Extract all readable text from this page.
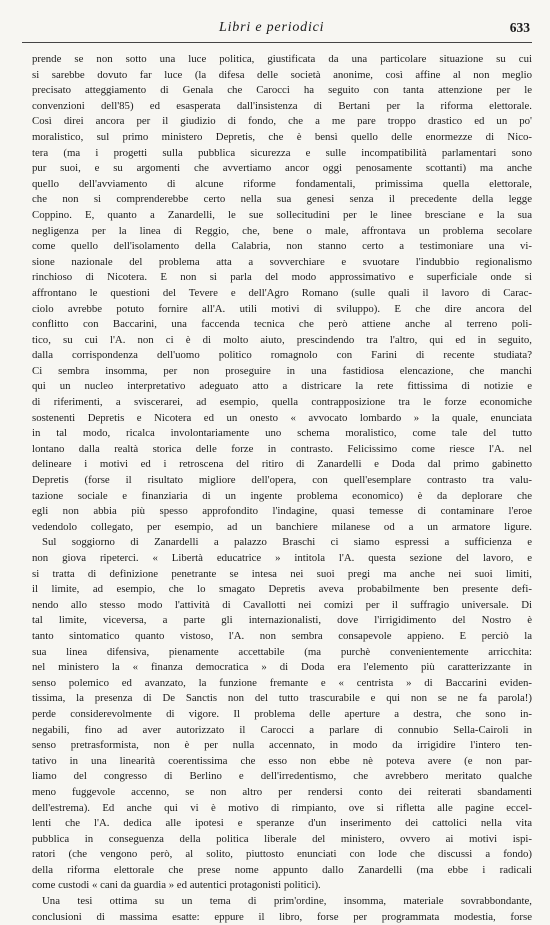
Libri e periodici	633
prende se non sotto una luce politica, giustificata da una particolare situazione su cui
si sarebbe dovuto far luce (la difesa delle società anonime, così affine al non meglio
precisato atteggiamento di Genala che Carocci ha seguito con tanta attenzione per le
convenzioni dell'85) ed esasperata dall'insistenza di Bertani per la riforma elettorale.
Così direi ancora per il giudizio di fondo, che a me pare troppo drastico ed un po'
moralistico, sul primo ministero Depretis, che è bensì quello delle enormezze di Nico-
tera (ma i progetti sulla pubblica sicurezza e sulle incompatibilità parlamentari sono
pur suoi, e su argomenti che avvertiamo ancor oggi penosamente scottanti) ma anche
quello dell'avviamento di alcune riforme fondamentali, primissima quella elettorale,
che non si comprenderebbe certo nella sua genesi senza il precedente della legge
Coppino. E, quanto a Zanardelli, le sue sollecitudini per le linee bresciane e la sua
negligenza per la linea di Reggio, che, bene o male, affrontava un problema secolare
come quello dell'isolamento della Calabria, non stanno certo a testimoniare una vi-
sione nazionale del problema atta a sovverchiare e svuotare l'indubbio regionalismo
rinchioso di Nicotera. E non si parla del modo approssimativo e superficiale onde si
affrontano le questioni del Tevere e dell'Agro Romano (sulle quali il lavoro di Carac-
ciolo avrebbe potuto fornire all'A. utili motivi di sviluppo). E che dire ancora del
conflitto con Baccarini, una faccenda tecnica che però attiene anche al terreno poli-
tico, su cui l'A. non ci è di molto aiuto, prescindendo tra l'altro, qui ed in seguito,
dalla corrispondenza dell'uomo politico romagnolo con Farini di recente studiata?
Ci sembra insomma, per non proseguire in una fastidiosa elencazione, che manchi
qui un nucleo interpretativo adeguato atto a districare la rete fittissima di notizie e
di riferimenti, a sviscerarei, ad esempio, quella contrapposizione tra le forze economiche
sostenenti Depretis e Nicotera ed un onesto « avvocato lombardo » la quale, enunciata
in tal modo, ricalca involontariamente uno schema moralistico, come tale del tutto
lontano dalla realtà storica delle forze in contrasto. Felicissimo come riesce l'A. nel
delineare i motivi ed i retroscena del ritiro di Zanardelli e Doda dal primo gabinetto
Depretis (forse il risultato migliore dell'opera, con quell'esemplare contrasto tra valu-
tazione sociale e finanziaria di un ingente problema economico) è da deplorare che
egli non abbia più spesso approfondito l'indagine, quasi temesse di contaminare l'eroe
vedendolo collegato, per esempio, ad un banchiere milanese od a un armatore ligure.
Sul soggiorno di Zanardelli a palazzo Braschi ci siamo espressi a sufficienza e
non giova ripeterci. « Libertà educatrice » intitola l'A. questa sezione del lavoro, e
si tratta di definizione penetrante se intesa nei suoi pregi ma anche nei suoi limiti,
il limite, ad esempio, che lo smagato Depretis aveva probabilmente ben presente defi-
nendo allo stesso modo l'attività di Cavallotti nei comizi per il suffragio universale. Di
tal limite, viceversa, a parte gli internazionalisti, dove l'irrigidimento del Nostro è
tanto sintomatico quanto vistoso, l'A. non sembra consapevole appieno. E perciò la
sua linea difensiva, pienamente accettabile (ma purchè convenientemente arricchita:
nel ministero la « finanza democratica » di Doda era l'elemento più caratterizzante in
senso polemico ed avanzato, la funzione fremante e « centrista » di Baccarini eviden-
tissima, la presenza di De Sanctis non del tutto trascurabile e qui non se ne fa parola!)
perde considerevolmente di vigore. Il problema delle aperture a destra, che sono in-
negabili, fino ad aver autorizzato il Carocci a parlare di connubio Sella-Cairoli in
senso pretrasformista, non è per nulla accennato, in modo da irrigidire l'intero ten-
tativo in una linearità coerentissima che esso non ebbe nè poteva avere (e non par-
liamo del congresso di Berlino e dell'irredentismo, che avrebbero meritato qualche
meno fuggevole accenno, se non altro per rendersi conto dei reiterati sbandamenti
dell'estrema). Ed anche qui vi è motivo di rimpianto, ove si rifletta alle pagine eccel-
lenti che l'A. dedica alle ipotesi e speranze d'un inserimento dei cattolici nella vita
pubblica in conseguenza della politica liberale del ministero, ovvero ai motivi ispi-
ratori (che vengono però, al solito, piuttosto enunciati con lode che discussi a fondo)
della riforma elettorale che prese nome appunto dallo Zanardelli (ma ebbe i radicali
come custodi « cani da guardia » ed autentici protagonisti politici).
Una tesi ottima su un tema di prim'ordine, insomma, materiale sovrabbondante,
conclusioni di massima esatte: eppure il libro, forse per programmata modestia, forse
